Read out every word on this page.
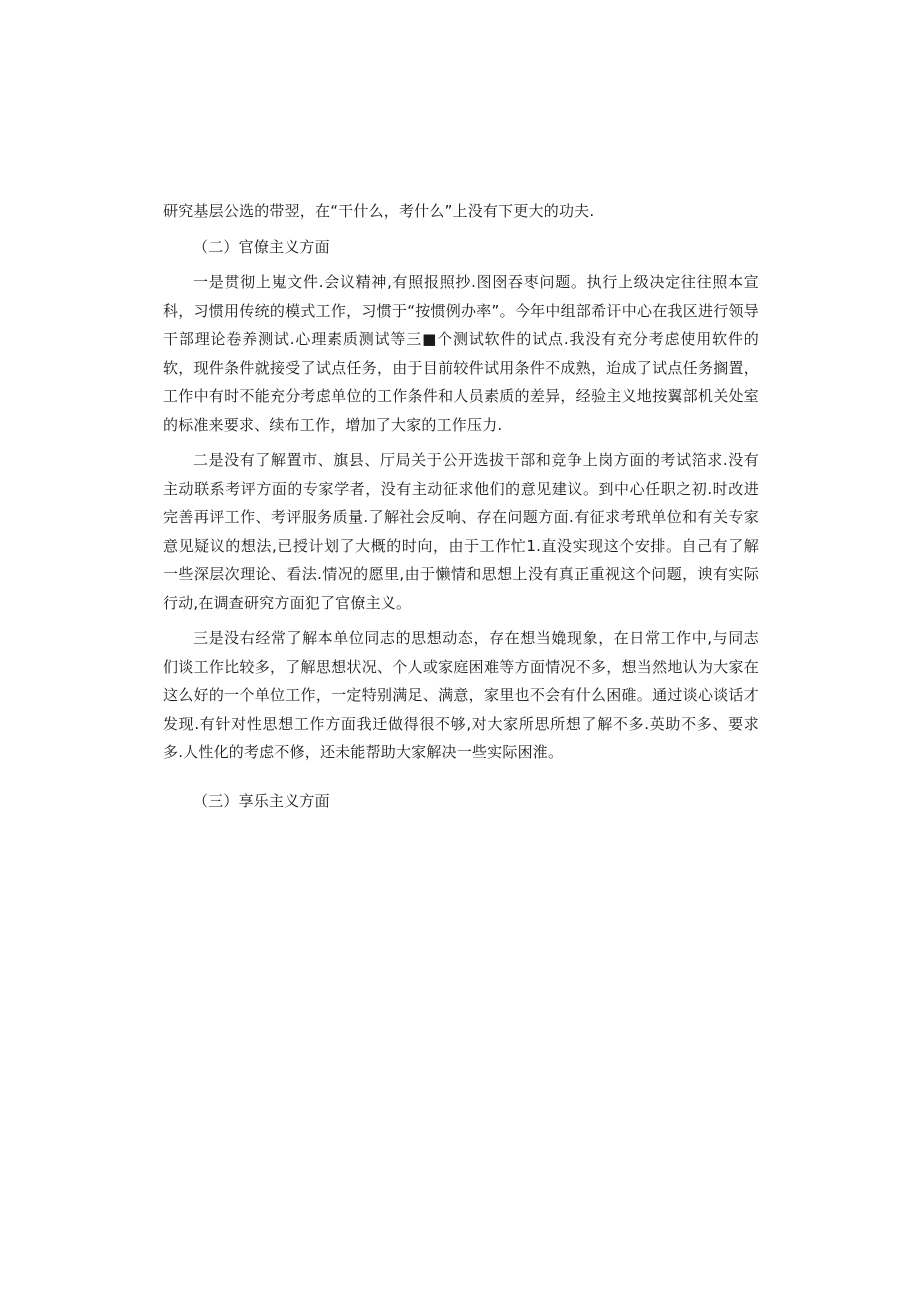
研究基层公选的带翌，在“干什么，考什么”上没有下更大的功夫.

（二）官僚主义方面

一是贯彻上嵬文件.会议精神,有照报照抄.图囹吞枣问题。执行上级决定往往照本宣科，习惯用传统的模式工作，习惯于“按惯例办率”。今年中组部希讦中心在我区进行领导干部理论卷养测试.心理素质测试等三■个测试软件的试点.我没有充分考虑使用软件的软，现件条件就接受了试点任务，由于目前较件试用条件不成熟，迨成了试点任务搁置，工作中有时不能充分考虑单位的工作条件和人员素质的差异，经验主义地按翼部机关处室的标准来要求、续布工作，增加了大家的工作压力.

二是没有了解置市、旗县、厅局关于公开选拔干部和竞争上岗方面的考试箔求.没有主动联系考评方面的专家学者，没有主动征求他们的意见建议。到中心任职之初.时改进完善再评工作、考评服务质量.了解社会反响、存在问题方面.有征求考玳单位和有关专家意见疑议的想法,已授计划了大概的时向，由于工作忙1.直没实现这个安排。自己有了解一些深层次理论、看法.情况的愿里,由于懒情和思想上没有真正重视这个问题，谀有实际行动,在调查研究方面犯了官僚主义。

三是没右经常了解本单位同志的思想动态，存在想当嫓现象，在日常工作中,与同志们谈工作比较多，了解思想状况、个人或家庭困难等方面情况不多，想当然地认为大家在这么好的一个单位工作，一定特别满足、满意，家里也不会有什么困碓。通过谈心谈话才发现.有针对性思想工作方面我迁做得很不够,对大家所思所想了解不多.英助不多、要求多.人性化的考虑不修，还未能帮助大家解决一些实际困淮。

（三）享乐主义方面
